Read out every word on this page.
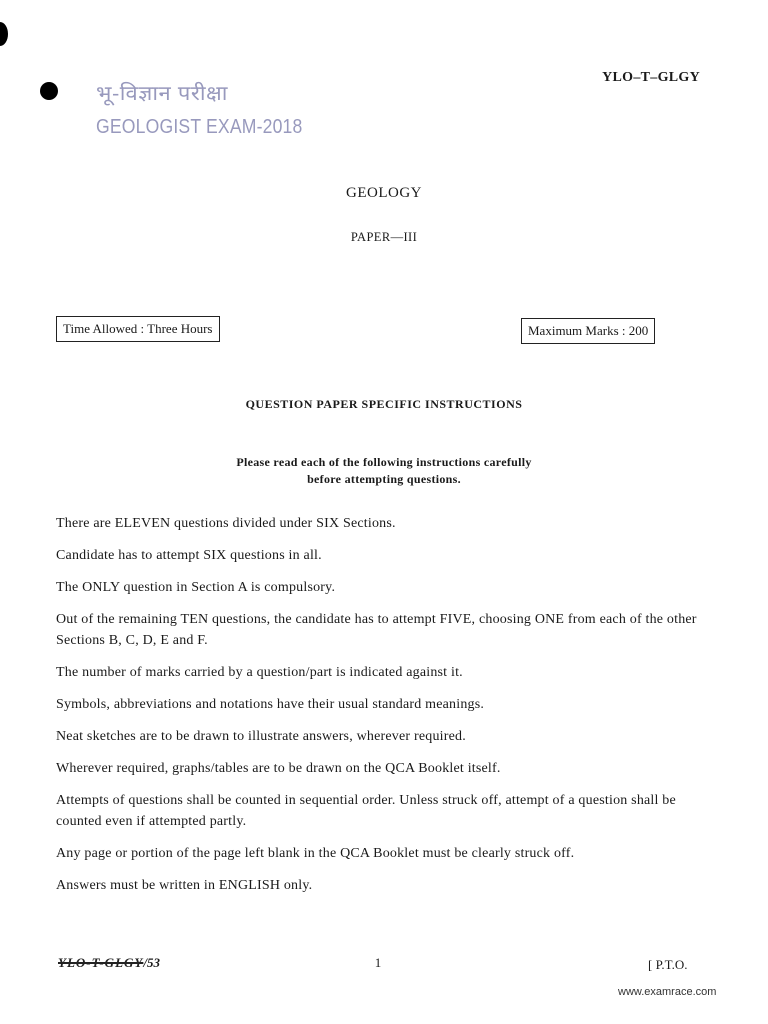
भू-विज्ञान परीक्षा
GEOLOGIST EXAM-2018
YLO–T–GLGY
GEOLOGY
PAPER—III
Time Allowed : Three Hours	Maximum Marks : 200
QUESTION PAPER SPECIFIC INSTRUCTIONS
Please read each of the following instructions carefully
before attempting questions.

There are ELEVEN questions divided under SIX Sections.

Candidate has to attempt SIX questions in all.

The ONLY question in Section A is compulsory.

Out of the remaining TEN questions, the candidate has to attempt FIVE, choosing ONE from each of the other Sections B, C, D, E and F.

The number of marks carried by a question/part is indicated against it.

Symbols, abbreviations and notations have their usual standard meanings.

Neat sketches are to be drawn to illustrate answers, wherever required.

Wherever required, graphs/tables are to be drawn on the QCA Booklet itself.

Attempts of questions shall be counted in sequential order. Unless struck off, attempt of a question shall be counted even if attempted partly.

Any page or portion of the page left blank in the QCA Booklet must be clearly struck off.

Answers must be written in ENGLISH only.

YLO-T-GLGY/53	1	[ P.T.O.
www.examrace.com
